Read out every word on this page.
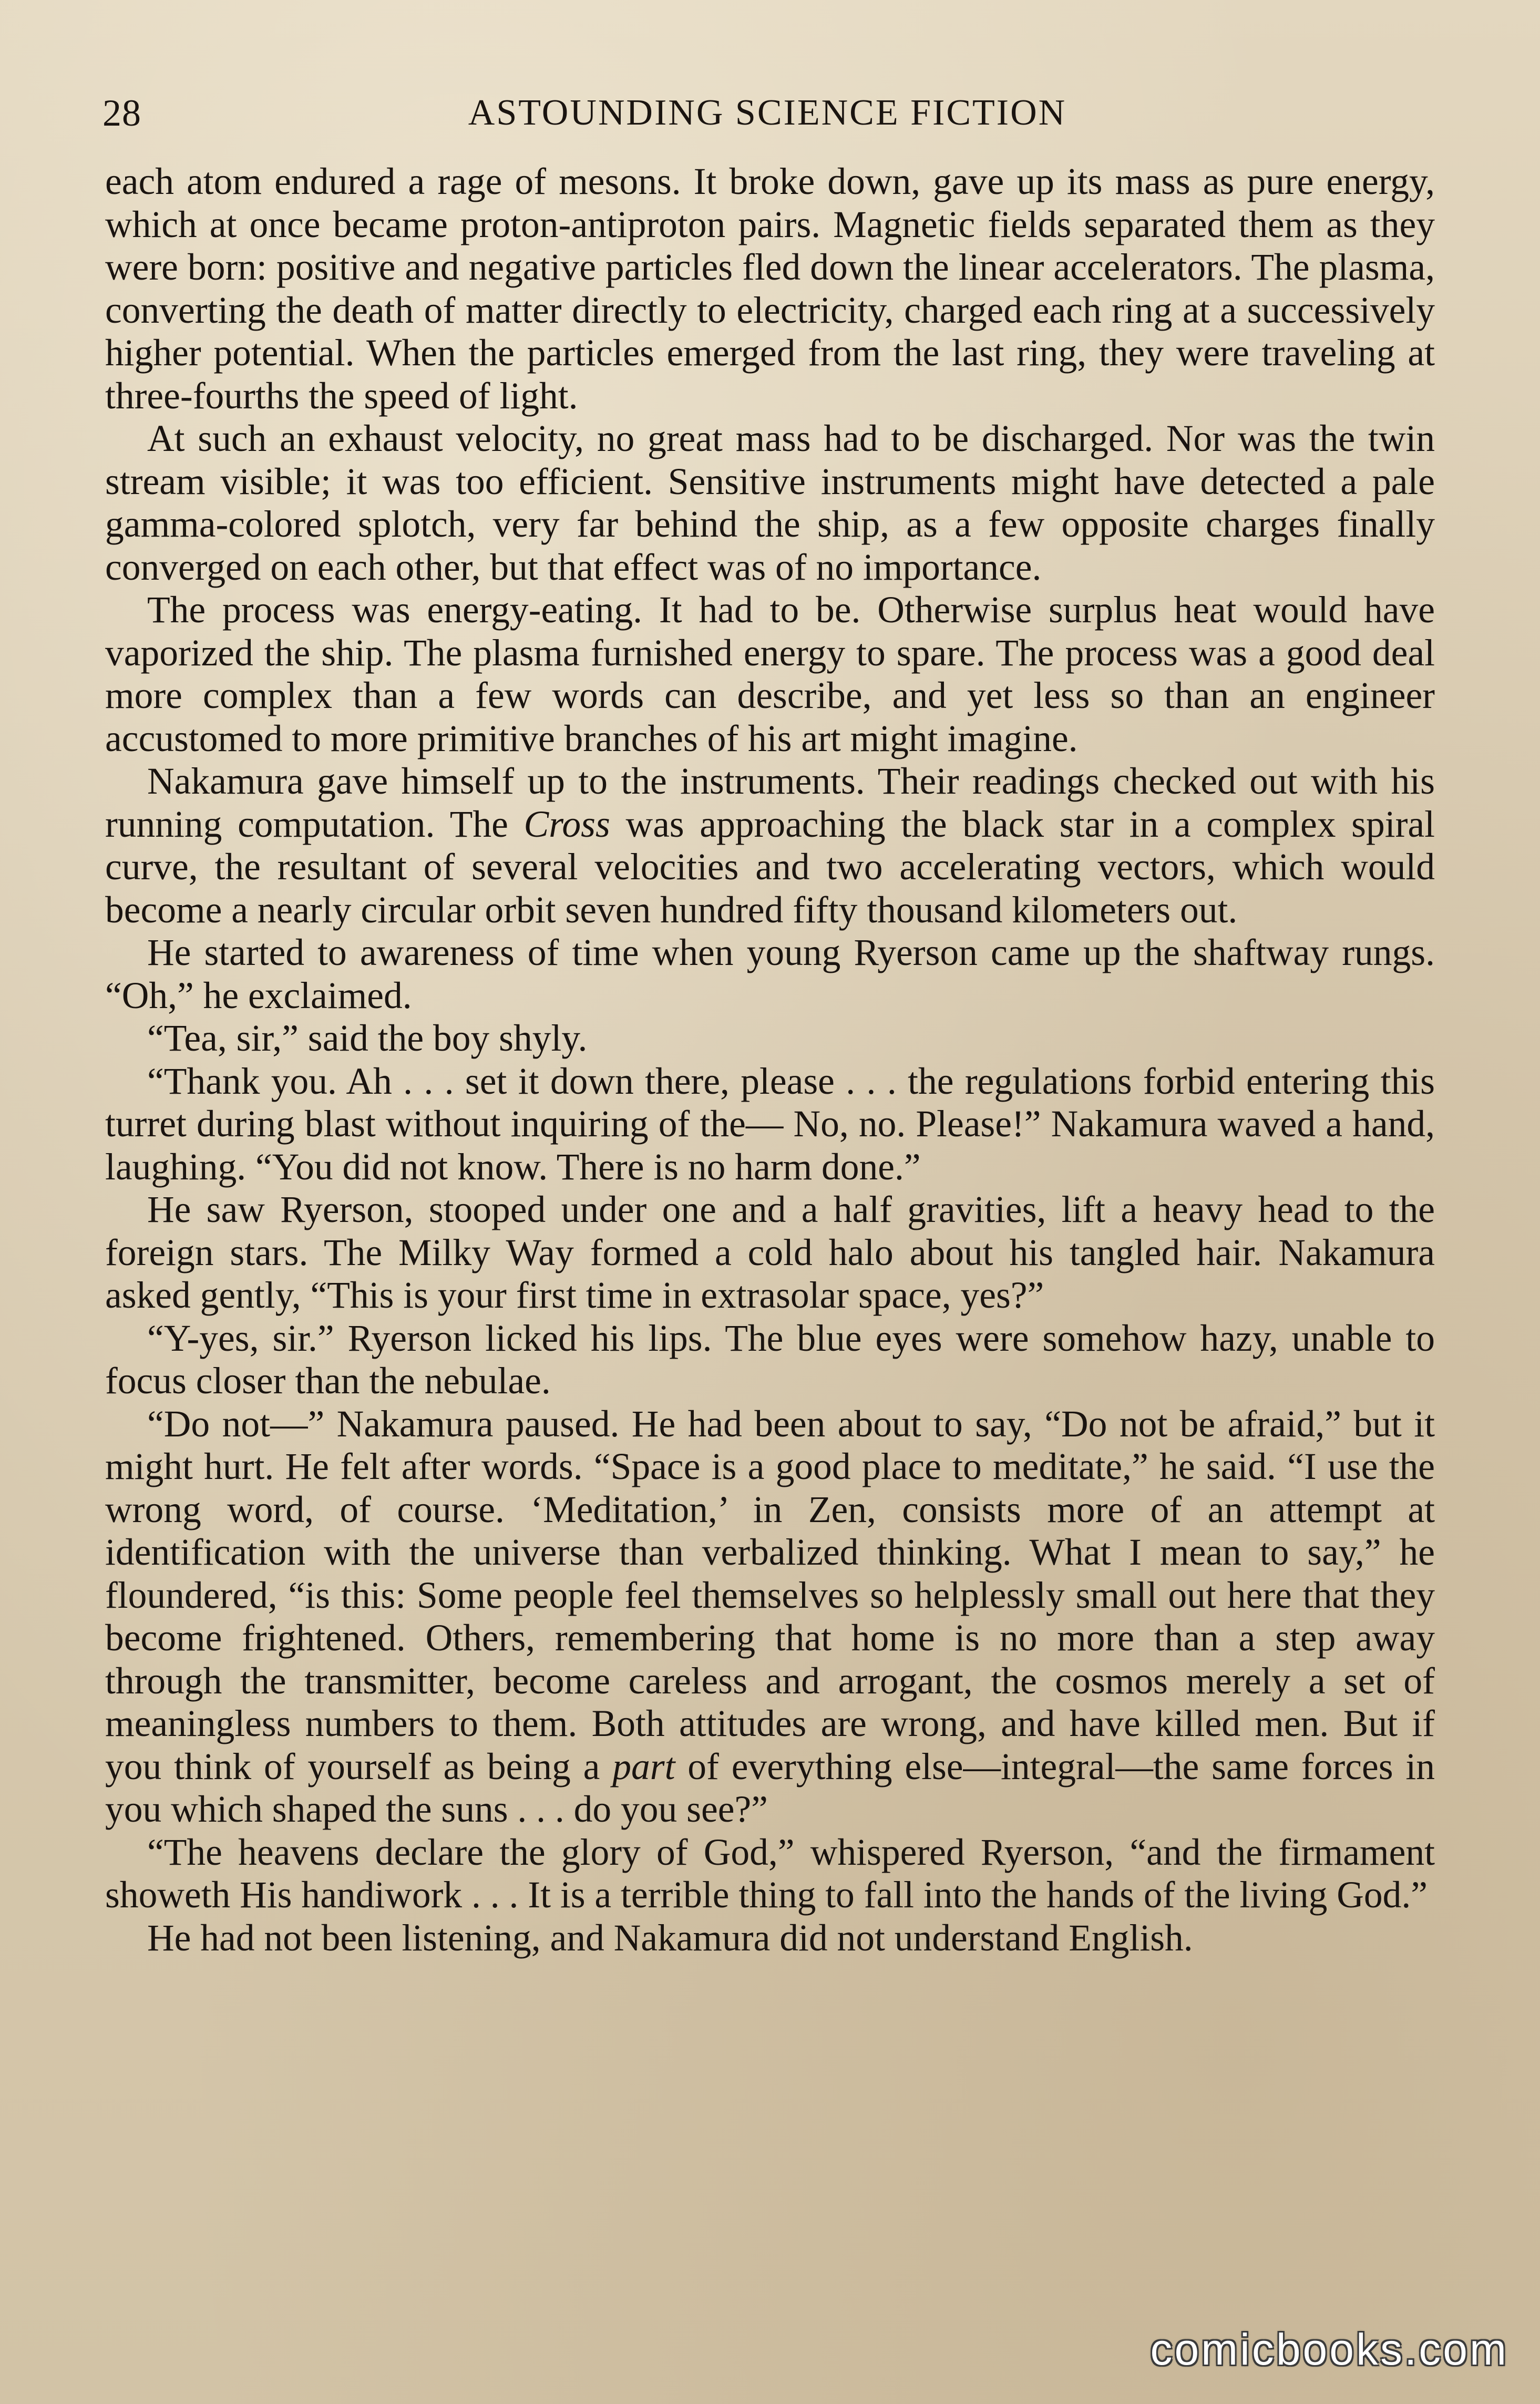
28	ASTOUNDING SCIENCE FICTION

each atom endured a rage of mesons. It broke down, gave up its mass as pure energy, which at once became proton-antiproton pairs. Magnetic fields separated them as they were born: positive and negative particles fled down the linear accelerators. The plasma, converting the death of matter directly to electricity, charged each ring at a successively higher potential. When the particles emerged from the last ring, they were traveling at three-fourths the speed of light.

At such an exhaust velocity, no great mass had to be discharged. Nor was the twin stream visible; it was too efficient. Sensitive instruments might have detected a pale gamma-colored splotch, very far behind the ship, as a few opposite charges finally converged on each other, but that effect was of no importance.

The process was energy-eating. It had to be. Otherwise surplus heat would have vaporized the ship. The plasma furnished energy to spare. The process was a good deal more complex than a few words can describe, and yet less so than an engineer accustomed to more primitive branches of his art might imagine.

Nakamura gave himself up to the instruments. Their readings checked out with his running computation. The Cross was approaching the black star in a complex spiral curve, the resultant of several velocities and two accelerating vectors, which would become a nearly circular orbit seven hundred fifty thousand kilometers out.

He started to awareness of time when young Ryerson came up the shaftway rungs. “Oh,” he exclaimed.

“Tea, sir,” said the boy shyly.

“Thank you. Ah . . . set it down there, please . . . the regulations forbid entering this turret during blast without inquiring of the— No, no. Please!” Nakamura waved a hand, laughing. “You did not know. There is no harm done.”

He saw Ryerson, stooped under one and a half gravities, lift a heavy head to the foreign stars. The Milky Way formed a cold halo about his tangled hair. Nakamura asked gently, “This is your first time in extrasolar space, yes?”

“Y-yes, sir.” Ryerson licked his lips. The blue eyes were somehow hazy, unable to focus closer than the nebulae.

“Do not—” Nakamura paused. He had been about to say, “Do not be afraid,” but it might hurt. He felt after words. “Space is a good place to meditate,” he said. “I use the wrong word, of course. ‘Meditation,’ in Zen, consists more of an attempt at identification with the universe than verbalized thinking. What I mean to say,” he floundered, “is this: Some people feel themselves so helplessly small out here that they become frightened. Others, remembering that home is no more than a step away through the transmitter, become careless and arrogant, the cosmos merely a set of meaningless numbers to them. Both attitudes are wrong, and have killed men. But if you think of yourself as being a part of everything else—integral—the same forces in you which shaped the suns . . . do you see?”

“The heavens declare the glory of God,” whispered Ryerson, “and the firmament showeth His handiwork . . . It is a terrible thing to fall into the hands of the living God.”

He had not been listening, and Nakamura did not understand English.

comicbooks.com
